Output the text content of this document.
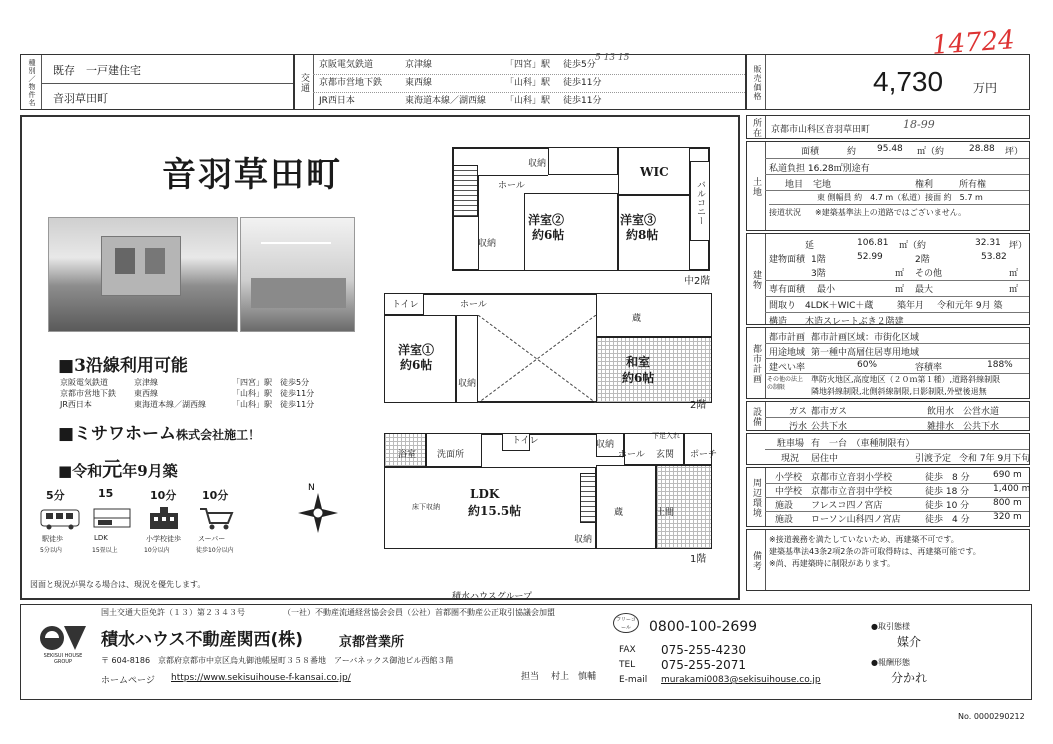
種別／物件名 既存　一戸建住宅
音羽草田町
交通
京阪電気鉄道	京津線	「四宮」駅 徒歩5分
京都市営地下鉄	東西線	「山科」駅 徒歩11分
JR西日本	東海道本線／湖西線 「山科」駅 徒歩11分
5 13 15
販売価格	4,730 万円
14724
音羽草田町
■3沿線利用可能
■ミサワホーム株式会社施工！
■令和元年9月築
N
図面と現況が異なる場合は、現況を優先します。
中2階
2階
1階
積水ハウスグループ
京阪電気鉄道	京津線	「四宮」駅 徒歩5分
京都市営地下鉄 東西線	「山科」駅 徒歩11分
JR西日本	東海道本線／湖西線	「山科」駅 徒歩11分
5分
駅徒歩
5分以内
15
LDK
15畳以上
10分
小学校徒歩
10分以内
10分
スーパー
徒歩10分以内
所在 京都市山科区音羽草田町	18-99
土地
面積	約 95.48 ㎡（約	28.88 坪）
私道負担 16.28㎡別途有
地目 宅地	権利	所有権
東 側幅員 約　4.7 m（私道）接面 約　5.7 m
接道状況 ※建築基準法上の道路ではございません。
建物
延	106.81 ㎡（約	32.31 坪）
建物面積 1階	52.99	2階	53.82
3階	㎡ その他	㎡
専有面積 最小	㎡ 最大	㎡
間取り 4LDK＋WIC＋蔵	築年月 令和元年 9月 築
構造 木造スレートぶき２階建
都市計画
都市計画 都市計画区域：市街化区域
用途地域 第一種中高層住居専用地域
建ぺい率	60%	容積率	188%
その他の法上の制限
準防火地区,高度地区（２０ｍ第１種）,道路斜線制限
隣地斜線制限,北側斜線制限,日影制限,外壁後退無
設備	ガス 都市ガス	飲用水 公営水道
汚水 公共下水	雑排水 公共下水
駐車場 有　一台　（車種制限有）
現況 居住中	引渡予定 令和 7年 9月下旬
周辺環境 小学校 京都市立音羽小学校	徒歩　8 分	690 m
中学校 京都市立音羽中学校	徒歩 18 分	1,400 m
施設 フレスコ四ノ宮店	徒歩 10 分	800 m
施設 ローソン山科四ノ宮店	徒歩　4 分	320 m
備考
※接道義務を満たしていないため、再建築不可です。
建築基準法43条2項2条の許可取得時は、再建築可能です。
※尚、再建築時に制限があります。
国土交通大臣免許（１３）第２３４３号	（一社）不動産流通経営協会会員（公社）首都圏不動産公正取引協議会加盟
SEKISUI HOUSE GROUP
積水ハウス不動産関西(株)	京都営業所
〒 604-8186　京都府京都市中京区烏丸御池帳屋町３５８番地　アーバネックス御池ビル西館３階
ホームページ https://www.sekisuihouse-f-kansai.co.jp/	担当 村上　慎輔
フリーコール	0800-100-2699
FAX 075-255-4230
TEL 075-255-2071
E-mail murakami0083@sekisuihouse.co.jp
●取引態様
媒介
●報酬形態
分かれ
No. 0000290212
収納
WIC
ホール
洋室②
約6帖
洋室③
約8帖
バルコニー
収納
トイレ	ホール
蔵
洋室①
約6帖
収納
和室
約6帖
浴室 洗面所
トイレ	収納
下足入れ
ホール 玄関 ポーチ
床下収納
LDK
約15.5帖	蔵	土間
収納
